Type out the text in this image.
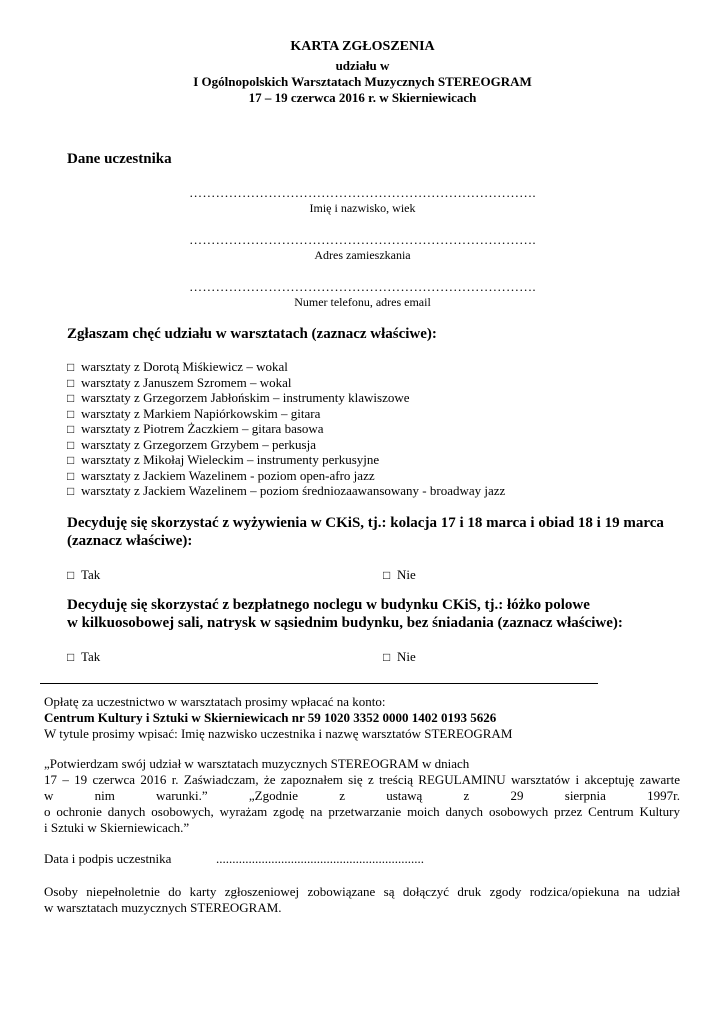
KARTA ZGŁOSZENIA
udziału w
I Ogólnopolskich Warsztatach Muzycznych STEREOGRAM
17 – 19 czerwca 2016 r. w Skierniewicach
Dane uczestnika
…………………………………………………………………….
Imię i nazwisko, wiek
…………………………………………………………………….
Adres zamieszkania
…………………………………………………………………….
Numer telefonu, adres email
Zgłaszam chęć udziału w warsztatach (zaznacz właściwe):
□ warsztaty z Dorotą Miśkiewicz – wokal
□ warsztaty z Januszem Szromem – wokal
□ warsztaty z Grzegorzem Jabłońskim – instrumenty klawiszowe
□ warsztaty z Markiem Napiórkowskim – gitara
□ warsztaty z Piotrem Żaczkiem – gitara basowa
□ warsztaty z Grzegorzem Grzybem – perkusja
□ warsztaty z Mikołaj Wieleckim – instrumenty perkusyjne
□ warsztaty z Jackiem Wazelinem - poziom open-afro jazz
□ warsztaty z Jackiem Wazelinem – poziom średniozaawansowany - broadway jazz
Decyduję się skorzystać z wyżywienia w CKiS, tj.: kolacja 17 i 18 marca i obiad 18 i 19 marca
(zaznacz właściwe):
□ Tak	□ Nie
Decyduję się skorzystać z bezpłatnego noclegu w budynku CKiS, tj.: łóżko polowe
w kilkuosobowej sali, natrysk w sąsiednim budynku, bez śniadania (zaznacz właściwe):
□ Tak	□ Nie
Opłatę za uczestnictwo w warsztatach prosimy wpłacać na konto:
Centrum Kultury i Sztuki w Skierniewicach nr 59 1020 3352 0000 1402 0193 5626
W tytule prosimy wpisać: Imię nazwisko uczestnika i nazwę warsztatów STEREOGRAM
„Potwierdzam swój udział w warsztatach muzycznych STEREOGRAM w dniach
17 – 19 czerwca 2016 r. Zaświadczam, że zapoznałem się z treścią REGULAMINU warsztatów i akceptuję zawarte
w nim warunki.” „Zgodnie z ustawą z 29 sierpnia 1997r.
o ochronie danych osobowych, wyrażam zgodę na przetwarzanie moich danych osobowych przez Centrum Kultury
i Sztuki w Skierniewicach.”
Data i podpis uczestnika	................................................................
Osoby niepełnoletnie do karty zgłoszeniowej zobowiązane są dołączyć druk zgody rodzica/opiekuna na udział
w warsztatach muzycznych STEREOGRAM.
